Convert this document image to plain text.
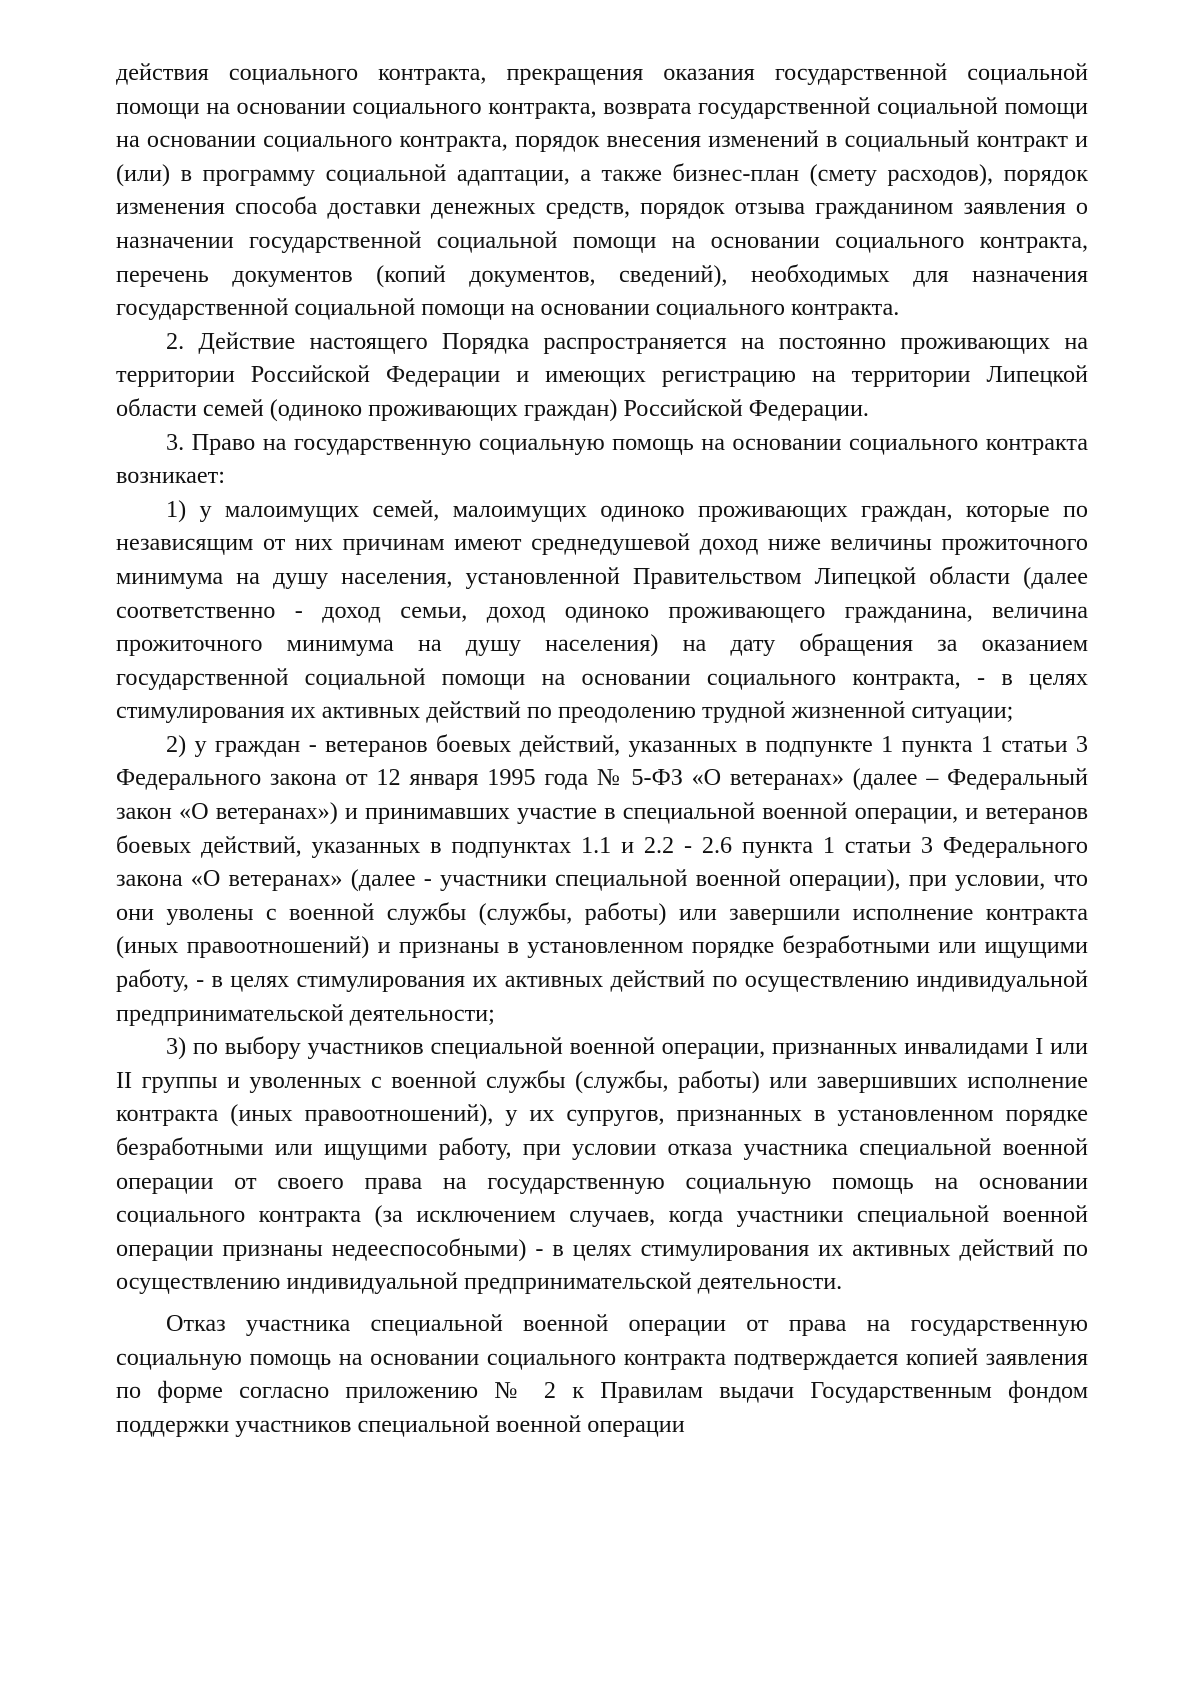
действия социального контракта, прекращения оказания государственной социальной помощи на основании социального контракта, возврата государственной социальной помощи на основании социального контракта, порядок внесения изменений в социальный контракт и (или) в программу социальной адаптации, а также бизнес-план (смету расходов), порядок изменения способа доставки денежных средств, порядок отзыва гражданином заявления о назначении государственной социальной помощи на основании социального контракта, перечень документов (копий документов, сведений), необходимых для назначения государственной социальной помощи на основании социального контракта.

2. Действие настоящего Порядка распространяется на постоянно проживающих на территории Российской Федерации и имеющих регистрацию на территории Липецкой области семей (одиноко проживающих граждан) Российской Федерации.

3. Право на государственную социальную помощь на основании социального контракта возникает:

1) у малоимущих семей, малоимущих одиноко проживающих граждан, которые по независящим от них причинам имеют среднедушевой доход ниже величины прожиточного минимума на душу населения, установленной Правительством Липецкой области (далее соответственно - доход семьи, доход одиноко проживающего гражданина, величина прожиточного минимума на душу населения) на дату обращения за оказанием государственной социальной помощи на основании социального контракта, - в целях стимулирования их активных действий по преодолению трудной жизненной ситуации;

2) у граждан - ветеранов боевых действий, указанных в подпункте 1 пункта 1 статьи 3 Федерального закона от 12 января 1995 года № 5-ФЗ «О ветеранах» (далее – Федеральный закон «О ветеранах») и принимавших участие в специальной военной операции, и ветеранов боевых действий, указанных в подпунктах 1.1 и 2.2 - 2.6 пункта 1 статьи 3 Федерального закона «О ветеранах» (далее - участники специальной военной операции), при условии, что они уволены с военной службы (службы, работы) или завершили исполнение контракта (иных правоотношений) и признаны в установленном порядке безработными или ищущими работу, - в целях стимулирования их активных действий по осуществлению индивидуальной предпринимательской деятельности;

3) по выбору участников специальной военной операции, признанных инвалидами I или II группы и уволенных с военной службы (службы, работы) или завершивших исполнение контракта (иных правоотношений), у их супругов, признанных в установленном порядке безработными или ищущими работу, при условии отказа участника специальной военной операции от своего права на государственную социальную помощь на основании социального контракта (за исключением случаев, когда участники специальной военной операции признаны недееспособными) - в целях стимулирования их активных действий по осуществлению индивидуальной предпринимательской деятельности.

Отказ участника специальной военной операции от права на государственную социальную помощь на основании социального контракта подтверждается копией заявления по форме согласно приложению № 2 к Правилам выдачи Государственным фондом поддержки участников специальной военной операции
